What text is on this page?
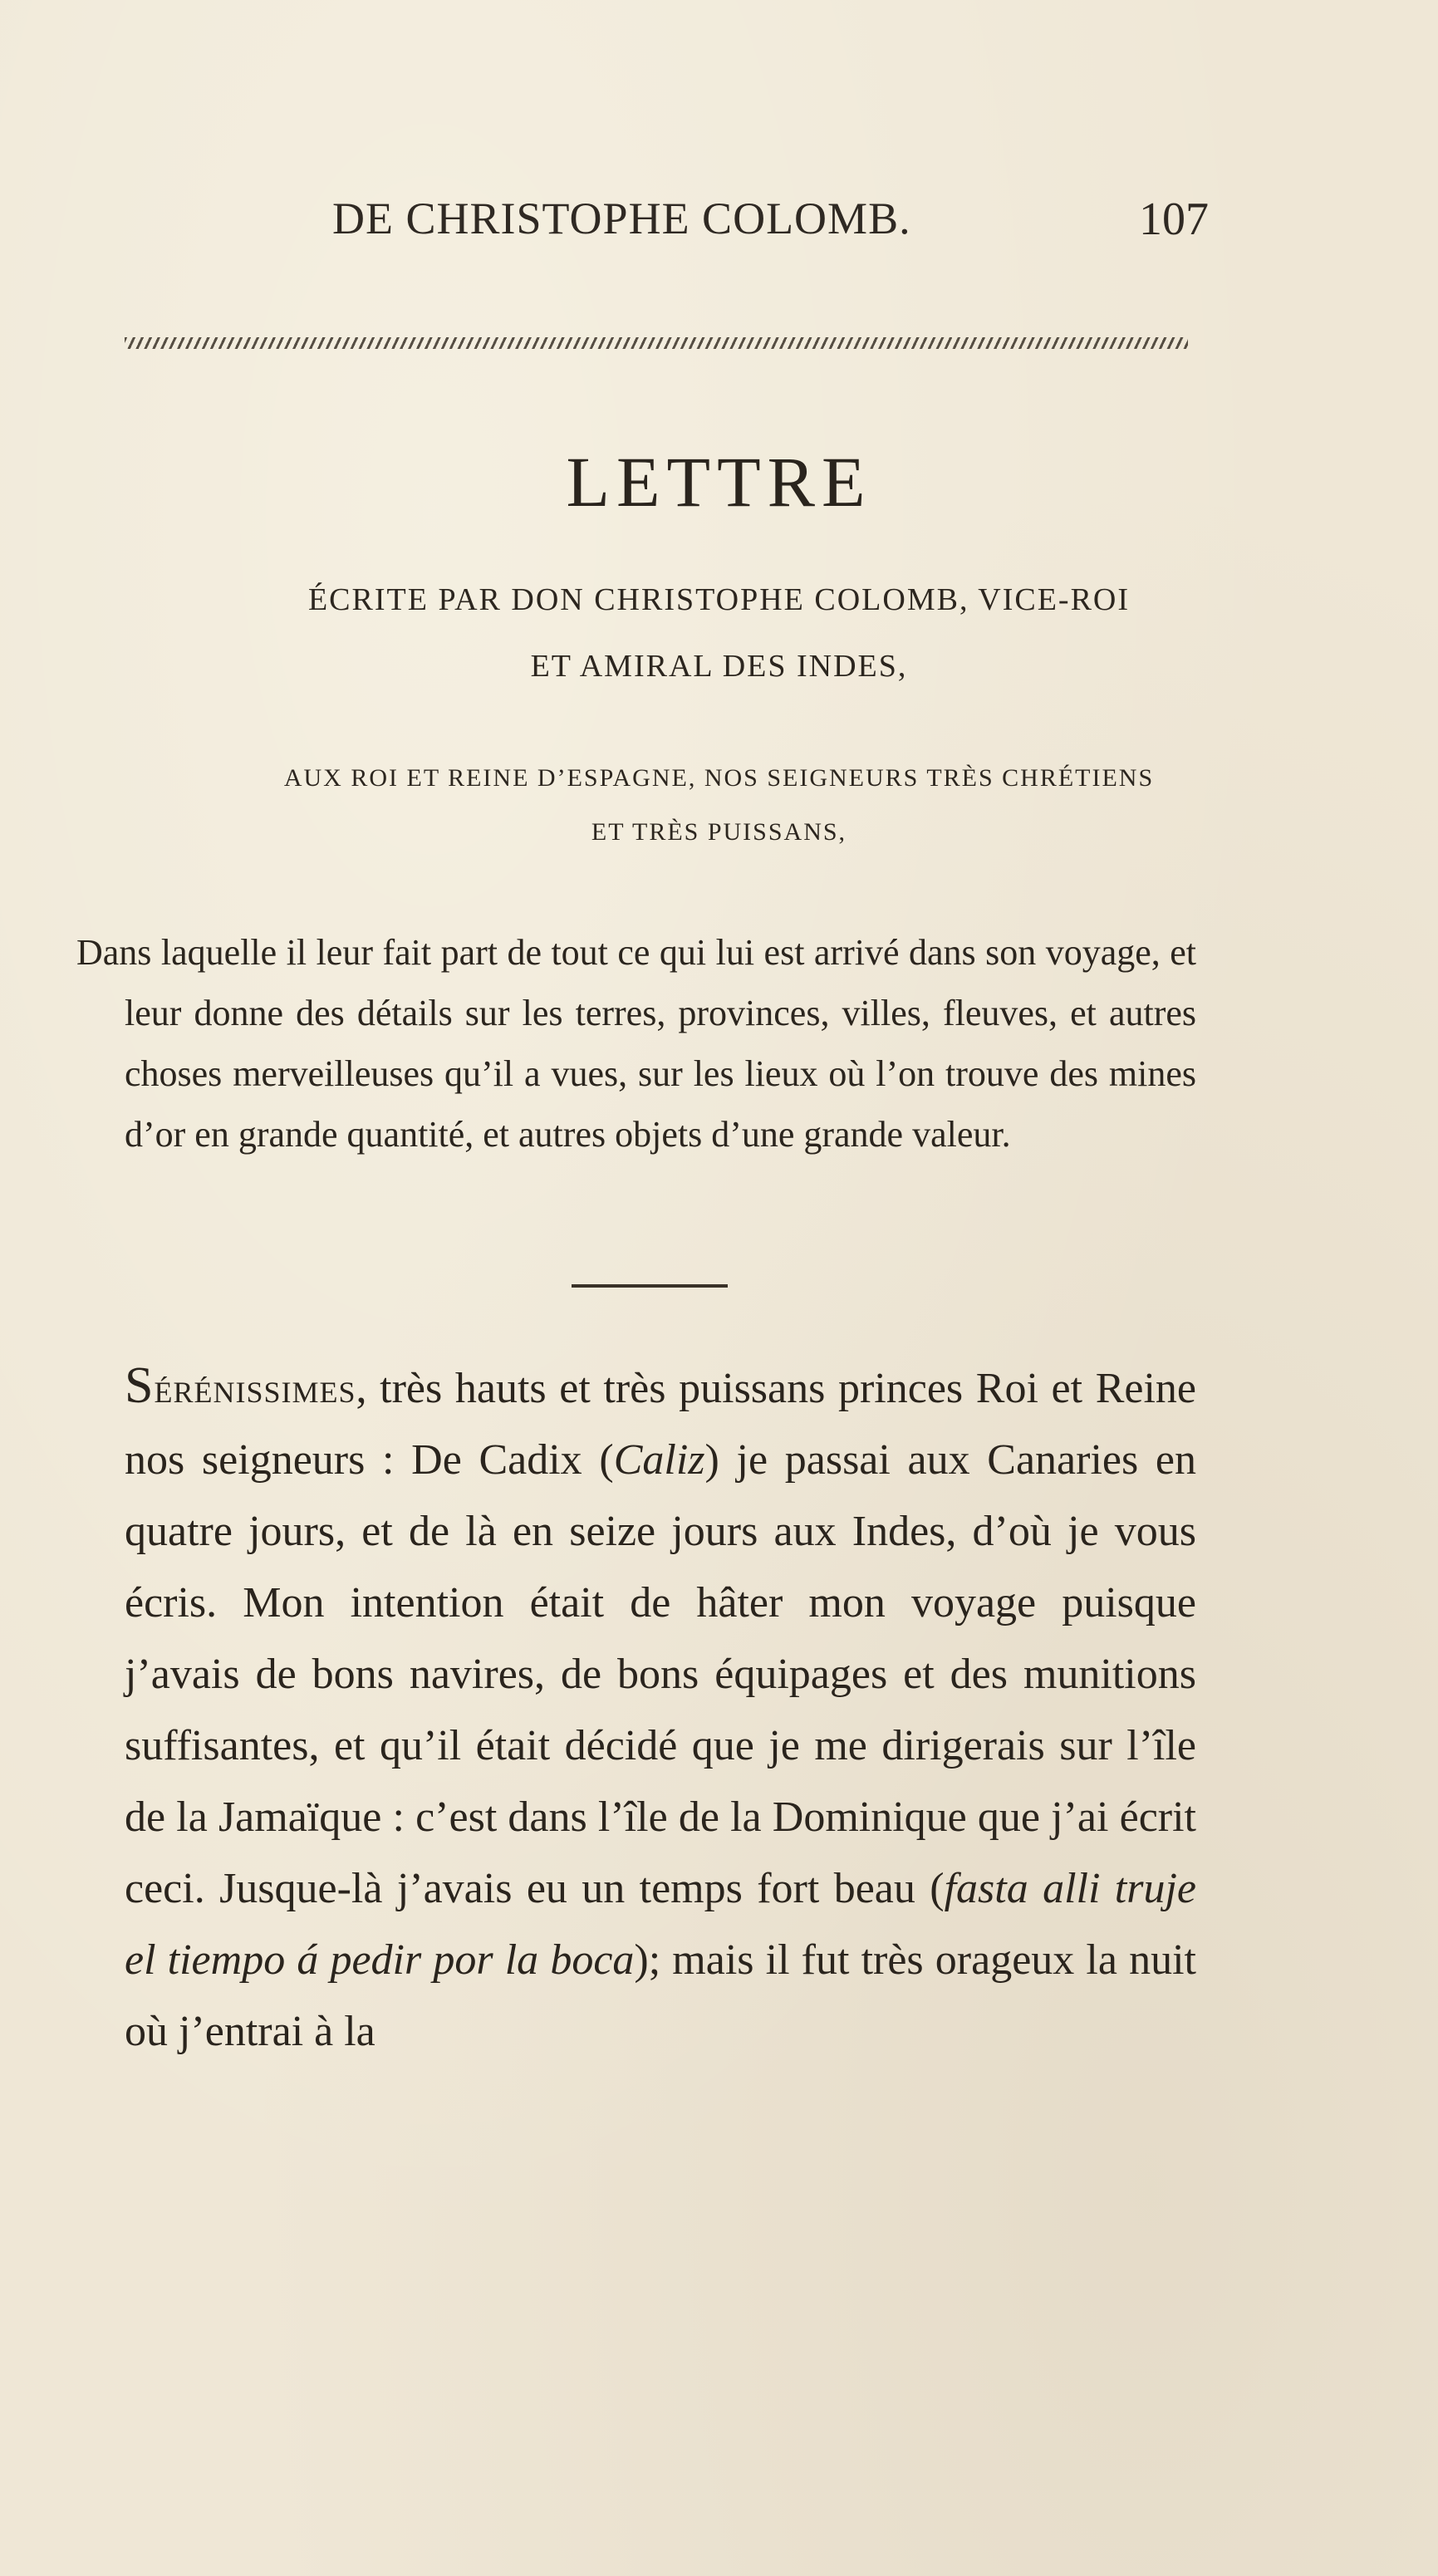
DE CHRISTOPHE COLOMB.	107
LETTRE
ÉCRITE PAR DON CHRISTOPHE COLOMB, VICE-ROI
ET AMIRAL DES INDES,
AUX ROI ET REINE D’ESPAGNE, NOS SEIGNEURS TRÈS CHRÉTIENS
ET TRÈS PUISSANS,
Dans laquelle il leur fait part de tout ce qui lui est arrivé dans son voyage, et leur donne des détails sur les terres, provinces, villes, fleuves, et autres choses merveilleuses qu’il a vues, sur les lieux où l’on trouve des mines d’or en grande quantité, et autres objets d’une grande valeur.
Sérénissimes, très hauts et très puissans princes Roi et Reine nos seigneurs : De Cadix (Caliz) je passai aux Canaries en quatre jours, et de là en seize jours aux Indes, d’où je vous écris. Mon intention était de hâter mon voyage puisque j’avais de bons navires, de bons équipages et des munitions suffisantes, et qu’il était décidé que je me dirigerais sur l’île de la Jamaïque : c’est dans l’île de la Dominique que j’ai écrit ceci. Jusque-là j’avais eu un temps fort beau (fasta alli truje el tiempo á pedir por la boca); mais il fut très orageux la nuit où j’entrai à la
